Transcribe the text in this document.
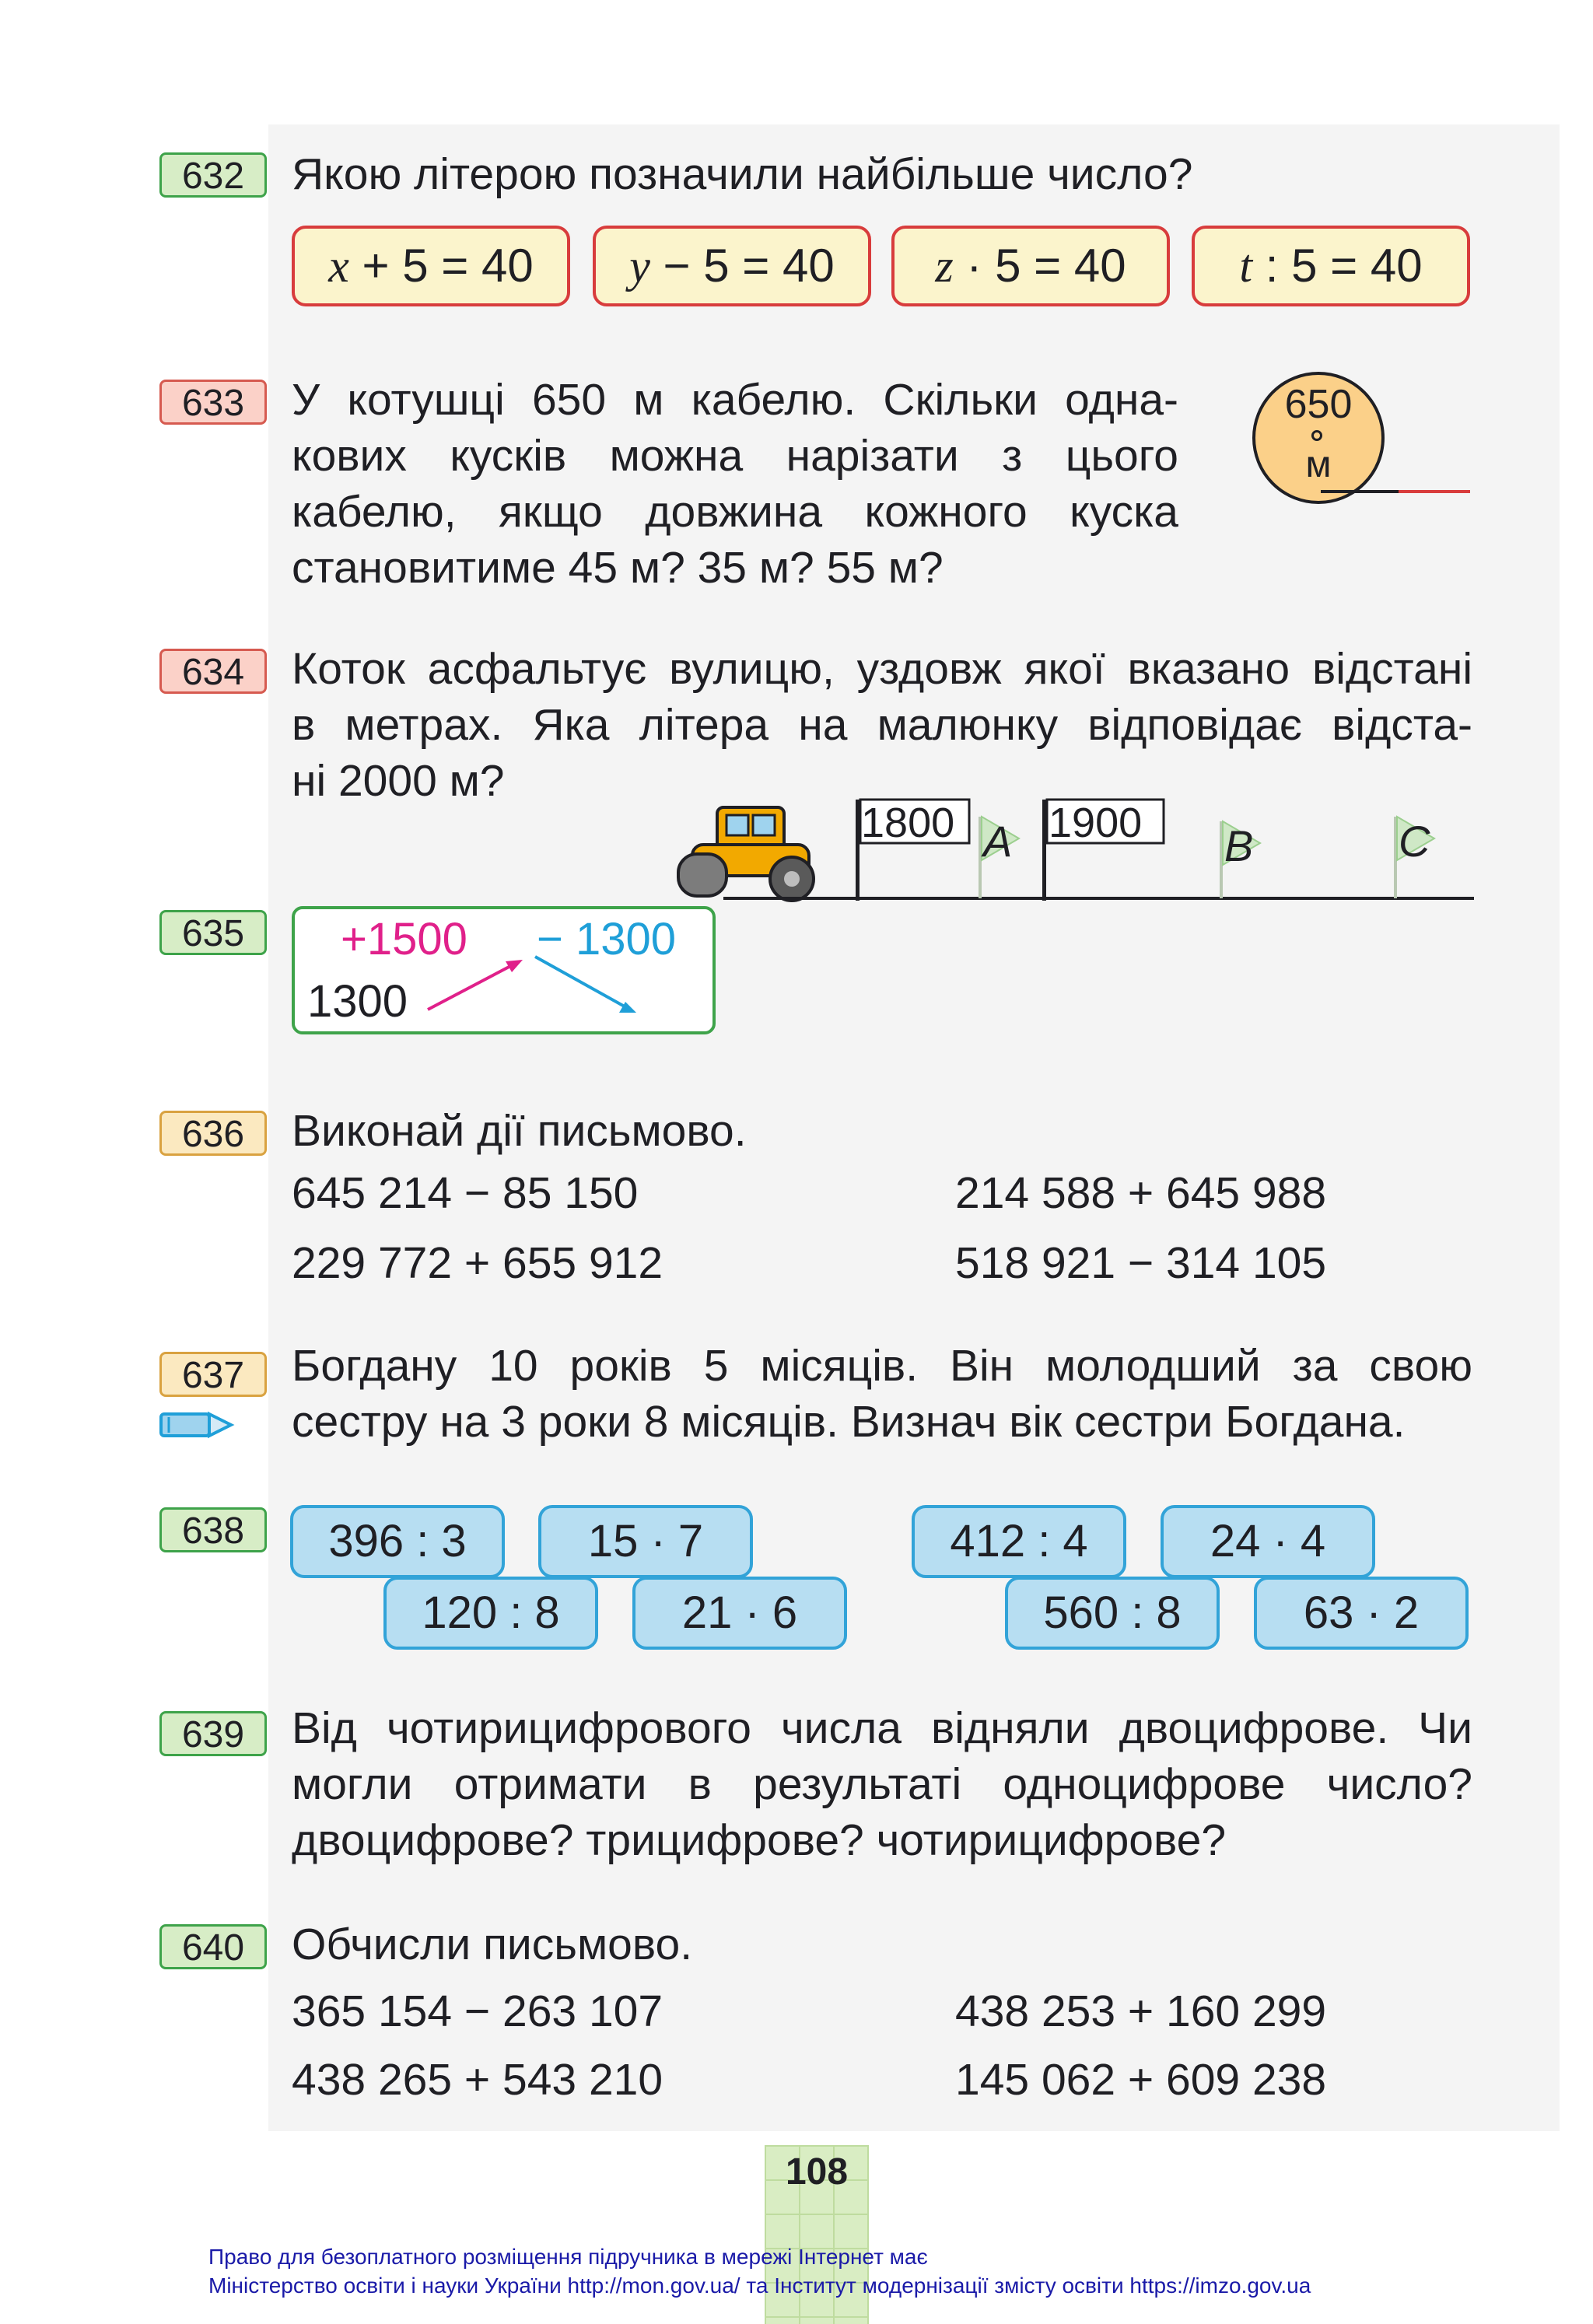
632	Якою літерою позначили найбільше число?
x + 5 = 40	y − 5 = 40	z · 5 = 40	t : 5 = 40
633	У котушці 650 м кабелю. Скільки одна-
кових кусків можна нарізати з цього
кабелю, якщо довжина кожного куска
становитиме 45 м? 35 м? 55 м?
650
м
634	Коток асфальтує вулицю, уздовж якої вказано відстані
в метрах. Яка літера на малюнку відповідає відста-
ні 2000 м?
1800 1900
A	B	C
635	+1500 − 1300
1300
636	Виконай дії письмово.
645 214 − 85 150	214 588 + 645 988
229 772 + 655 912	518 921 − 314 105
637	Богдану 10 років 5 місяців. Він молодший за свою
сестру на 3 роки 8 місяців. Визнач вік сестри Богдана.
638	396 : 3	15 · 7	412 : 4	24 · 4
120 : 8	21 · 6	560 : 8	63 · 2
639	Від чотирицифрового числа відняли двоцифрове. Чи
могли отримати в результаті одноцифрове число?
двоцифрове? трицифрове? чотирицифрове?
640	Обчисли письмово.
365 154 − 263 107	438 253 + 160 299
438 265 + 543 210	145 062 + 609 238
108
Право для безоплатного розміщення підручника в мережі Інтернет має
Міністерство освіти і науки України http://mon.gov.ua/ та Інститут модернізації змісту освіти https://imzo.gov.ua
